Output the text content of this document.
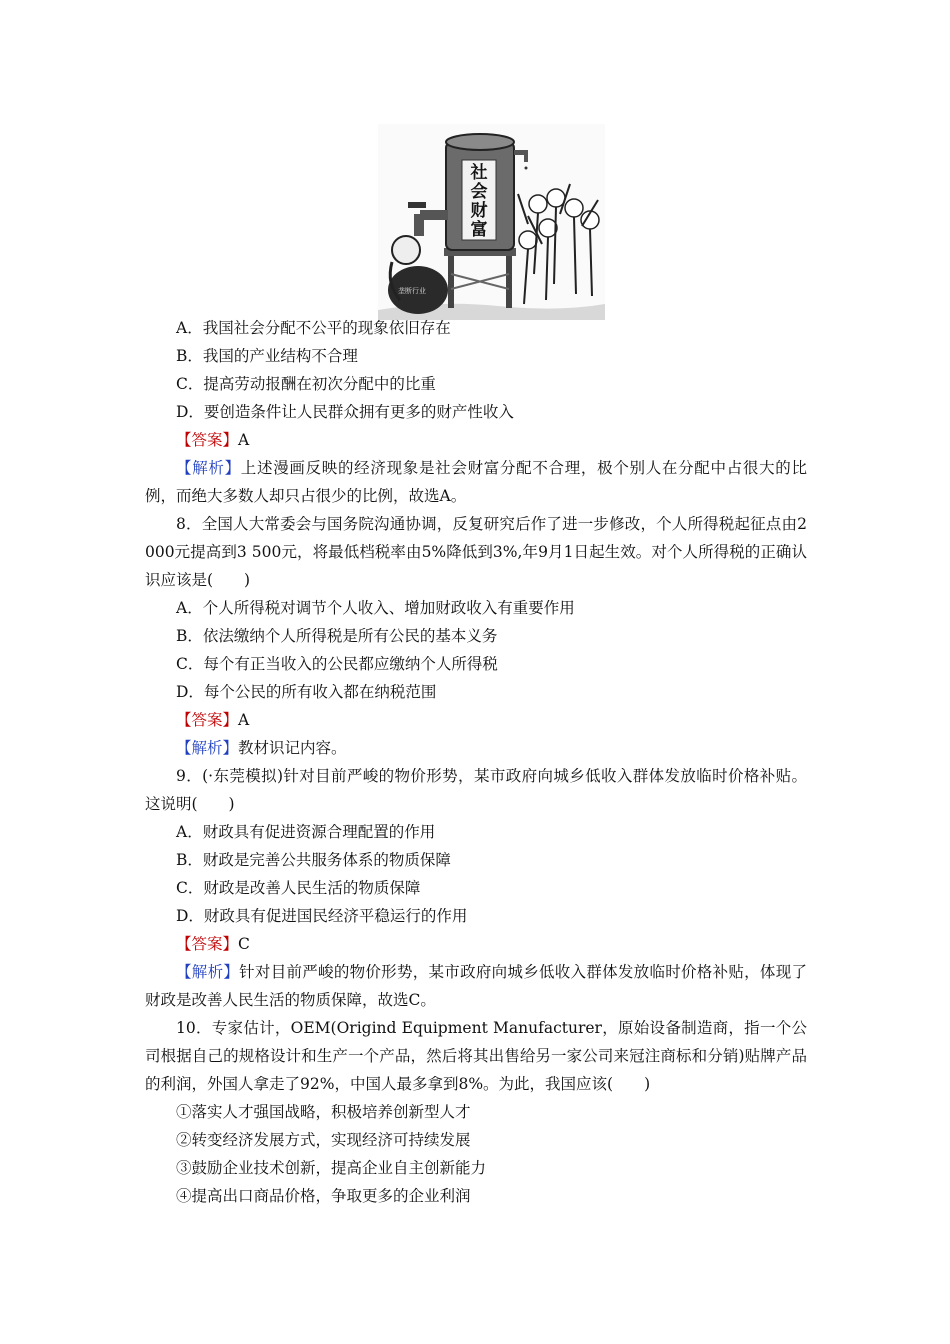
社会财富
垄断行业
A．我国社会分配不公平的现象依旧存在
B．我国的产业结构不合理
C．提高劳动报酬在初次分配中的比重
D．要创造条件让人民群众拥有更多的财产性收入
【答案】A
【解析】上述漫画反映的经济现象是社会财富分配不合理，极个别人在分配中占很大的比例，而绝大多数人却只占很少的比例，故选A。
8．全国人大常委会与国务院沟通协调，反复研究后作了进一步修改，个人所得税起征点由2 000元提高到3 500元，将最低档税率由5%降低到3%,年9月1日起生效。对个人所得税的正确认识应该是(　　)
A．个人所得税对调节个人收入、增加财政收入有重要作用
B．依法缴纳个人所得税是所有公民的基本义务
C．每个有正当收入的公民都应缴纳个人所得税
D．每个公民的所有收入都在纳税范围
【答案】A
【解析】教材识记内容。
9．(·东莞模拟)针对目前严峻的物价形势，某市政府向城乡低收入群体发放临时价格补贴。这说明(　　)
A．财政具有促进资源合理配置的作用
B．财政是完善公共服务体系的物质保障
C．财政是改善人民生活的物质保障
D．财政具有促进国民经济平稳运行的作用
【答案】C
【解析】针对目前严峻的物价形势，某市政府向城乡低收入群体发放临时价格补贴，体现了财政是改善人民生活的物质保障，故选C。
10．专家估计，OEM(Origind Equipment Manufacturer，原始设备制造商，指一个公司根据自己的规格设计和生产一个产品，然后将其出售给另一家公司来冠注商标和分销)贴牌产品的利润，外国人拿走了92%，中国人最多拿到8%。为此，我国应该(　　)
①落实人才强国战略，积极培养创新型人才
②转变经济发展方式，实现经济可持续发展
③鼓励企业技术创新，提高企业自主创新能力
④提高出口商品价格，争取更多的企业利润
